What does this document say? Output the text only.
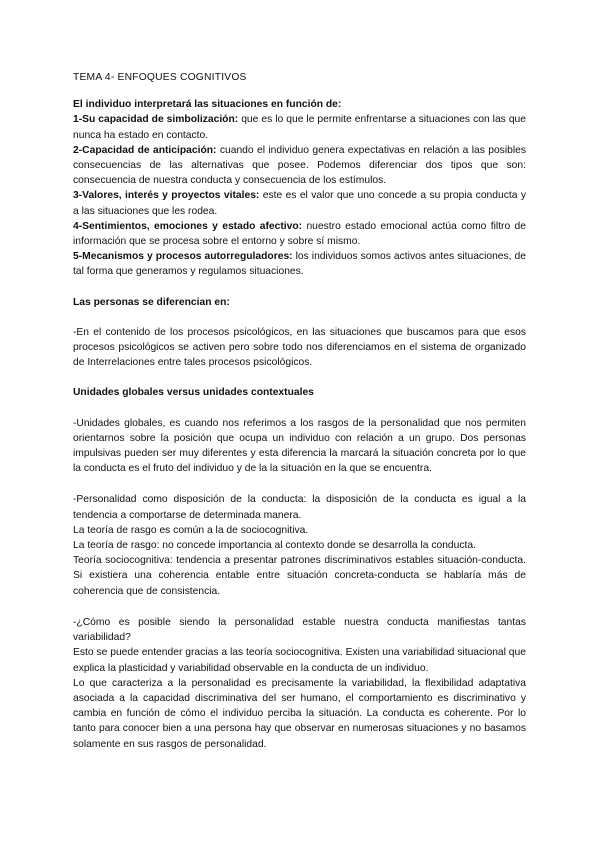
TEMA 4- ENFOQUES COGNITIVOS

El individuo interpretará las situaciones en función de:

1-Su capacidad de simbolización: que es lo que le permite enfrentarse a situaciones con las que nunca ha estado en contacto.

2-Capacidad de anticipación: cuando el individuo genera expectativas en relación a las posibles consecuencias de las alternativas que posee. Podemos diferenciar dos tipos que son: consecuencia de nuestra conducta y consecuencia de los estímulos.

3-Valores, interés y proyectos vitales: este es el valor que uno concede a su propia conducta y a las situaciones que les rodea.

4-Sentimientos, emociones y estado afectivo: nuestro estado emocional actúa como filtro de información que se procesa sobre el entorno y sobre sí mismo.

5-Mecanismos y procesos autorreguladores: los individuos somos activos antes situaciones, de tal forma que generamos y regulamos situaciones.

Las personas se diferencian en:

-En el contenido de los procesos psicológicos, en las situaciones que buscamos para que esos procesos psicológicos se activen pero sobre todo nos diferenciamos en el sistema de organizado de Interrelaciones entre tales procesos psicológicos.

Unidades globales versus unidades contextuales

-Unidades globales, es cuando nos referimos a los rasgos de la personalidad que nos permiten orientarnos sobre la posición que ocupa un individuo con relación a un grupo. Dos personas impulsivas pueden ser muy diferentes y esta diferencia la marcará la situación concreta por lo que la conducta es el fruto del individuo y de la la situación en la que se encuentra.

-Personalidad como disposición de la conducta: la disposición de la conducta es igual a la tendencia a comportarse de determinada manera.

La teoría de rasgo es común a la de sociocognitiva.

La teoría de rasgo: no concede importancia al contexto donde se desarrolla la conducta.

Teoría sociocognitiva: tendencia a presentar patrones discriminativos estables situación-conducta. Si existiera una coherencia entable entre situación concreta-conducta se hablaría más de coherencia que de consistencia.

-¿Cómo es posible siendo la personalidad estable nuestra conducta manifiestas tantas variabilidad?

Esto se puede entender gracias a las teoría sociocognitiva. Existen una variabilidad situacional que explica la plasticidad y variabilidad observable en la conducta de un individuo.

Lo que caracteriza a la personalidad es precisamente la variabilidad, la flexibilidad adaptativa asociada a la capacidad discriminativa del ser humano, el comportamiento es discriminativo y cambia en función de cómo el individuo perciba la situación. La conducta es coherente. Por lo tanto para conocer bien a una persona hay que observar en numerosas situaciones y no basamos solamente en sus rasgos de personalidad.
